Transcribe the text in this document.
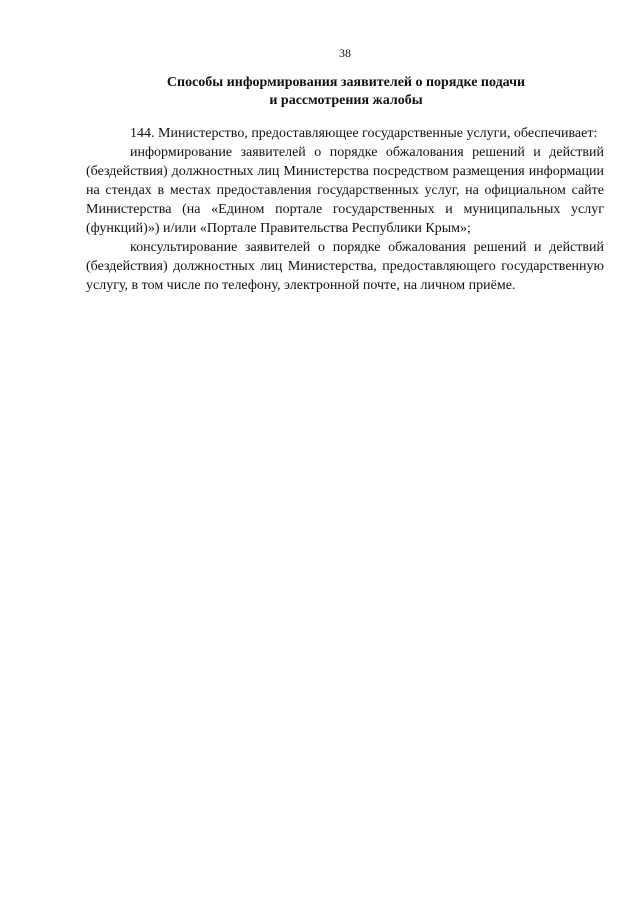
38
Способы информирования заявителей о порядке подачи
и рассмотрения жалобы

144. Министерство, предоставляющее государственные услуги, обеспечивает:

информирование заявителей о порядке обжалования решений и действий (бездействия) должностных лиц Министерства посредством размещения информации на стендах в местах предоставления государственных услуг, на официальном сайте Министерства (на «Едином портале государственных и муниципальных услуг (функций)») и/или «Портале Правительства Республики Крым»;

консультирование заявителей о порядке обжалования решений и действий (бездействия) должностных лиц Министерства, предоставляющего государственную услугу, в том числе по телефону, электронной почте, на личном приёме.
